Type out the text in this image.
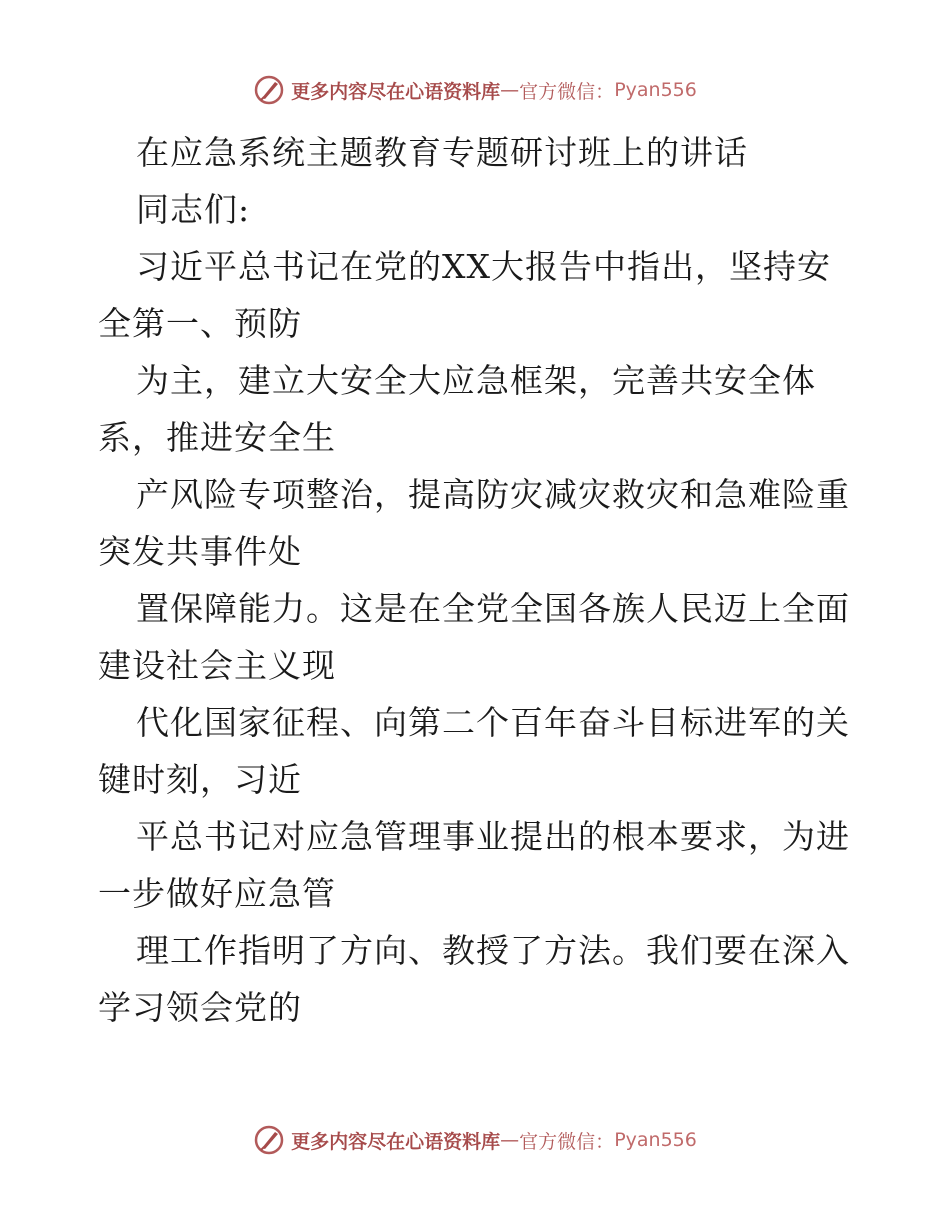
更多内容尽在心语资料库 — 官方微信： Pyan556
在应急系统主题教育专题研讨班上的讲话
同志们:
习近平总书记在党的XX大报告中指出，坚持安
全第一、预防
为主，建立大安全大应急框架，完善共安全体
系，推进安全生
产风险专项整治，提高防灾减灾救灾和急难险重
突发共事件处
置保障能力。这是在全党全国各族人民迈上全面
建设社会主义现
代化国家征程、向第二个百年奋斗目标进军的关
键时刻，习近
平总书记对应急管理事业提出的根本要求，为进
一步做好应急管
理工作指明了方向、教授了方法。我们要在深入
学习领会党的
更多内容尽在心语资料库 — 官方微信： Pyan556
